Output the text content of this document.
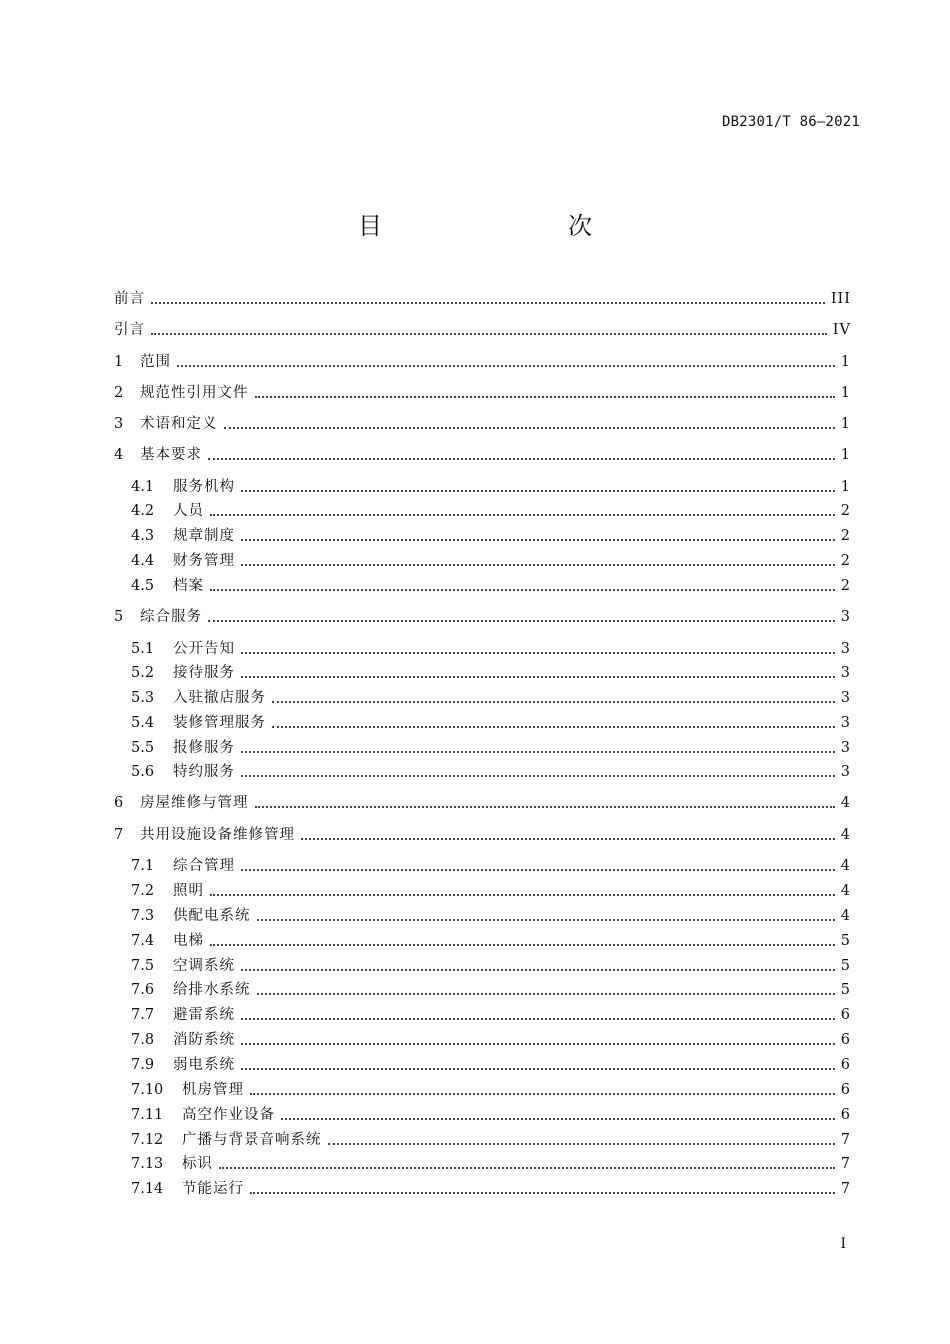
DB2301/T 86—2021
目　　次
前言	III
引言	IV
1	范围	1
2	规范性引用文件	1
3	术语和定义	1
4	基本要求	1
4.1	服务机构	1
4.2	人员	2
4.3	规章制度	2
4.4	财务管理	2
4.5	档案	2
5	综合服务	3
5.1	公开告知	3
5.2	接待服务	3
5.3	入驻撤店服务	3
5.4	装修管理服务	3
5.5	报修服务	3
5.6	特约服务	3
6	房屋维修与管理	4
7	共用设施设备维修管理	4
7.1	综合管理	4
7.2	照明	4
7.3	供配电系统	4
7.4	电梯	5
7.5	空调系统	5
7.6	给排水系统	5
7.7	避雷系统	6
7.8	消防系统	6
7.9	弱电系统	6
7.10	机房管理	6
7.11	高空作业设备	6
7.12	广播与背景音响系统	7
7.13	标识	7
7.14	节能运行	7
I
